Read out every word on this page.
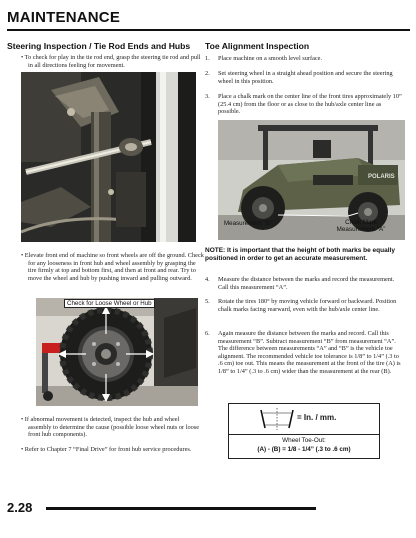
MAINTENANCE
Steering Inspection / Tie Rod Ends and Hubs
• To check for play in the tie rod end, grasp the steering tie rod and pull in all directions feeling for movement.
• Elevate front end of machine so front wheels are off the ground. Check for any looseness in front hub and wheel assembly by grasping the tire firmly at top and bottom first, and then at front and rear. Try to move the wheel and hub by pushing inward and pulling outward.
Check for Loose Wheel or Hub
• If abnormal movement is detected, inspect the hub and wheel assembly to determine the cause (possible loose wheel nuts or loose front hub components).
• Refer to Chapter 7 “Final Drive” for front hub service procedures.
Toe Alignment Inspection
1.	Place machine on a smooth level surface.
2.	Set steering wheel in a straight ahead position and secure the steering wheel in this position.
3.	Place a chalk mark on the center line of the front tires approximately 10” (25.4 cm) from the floor or as close to the hub/axle center line as possible.
POLARIS
Measurement “B”	Chalk Mark
Measurement “A”
NOTE: It is important that the height of both marks be equally positioned in order to get an accurate measurement.
4.	Measure the distance between the marks and record the measurement. Call this measurement “A”.
5.	Rotate the tires 180° by moving vehicle forward or backward. Position chalk marks facing rearward, even with the hub/axle center line.
6.	Again measure the distance between the marks and record. Call this measurement “B”. Subtract measurement “B” from measurement “A”. The difference between measurements “A” and “B” is the vehicle toe alignment. The recommended vehicle toe tolerance is 1/8” to 1/4” (.3 to .6 cm) toe out. This means the measurement at the front of the tire (A) is 1/8” to 1/4” (.3 to .6 cm) wider than the measurement at the rear (B).
= In. / mm.
Wheel Toe-Out:
(A) - (B) = 1/8 - 1/4” (.3 to .6 cm)
2.28
